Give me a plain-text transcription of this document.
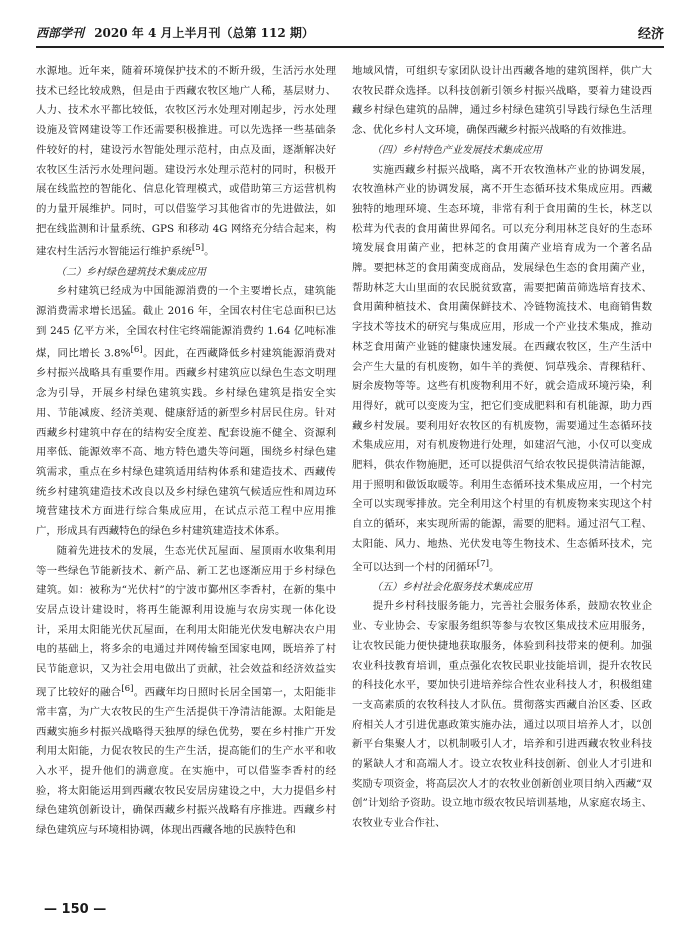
西部学刊 2020 年 4 月上半月刊（总第 112 期）	经济

水源地。近年来，随着环境保护技术的不断升级，生活污水处理技术已经比较成熟，但是由于西藏农牧区地广人稀，基层财力、人力、技术水平都比较低，农牧区污水处理对刚起步，污水处理设施及管网建设等工作还需要积极推进。可以先选择一些基础条件较好的村，建设污水智能处理示范村，由点及面，逐渐解决好农牧区生活污水处理问题。建设污水处理示范村的同时，积极开展在线监控的智能化、信息化管理模式，或借助第三方运营机构的力量开展维护。同时，可以借鉴学习其他省市的先进做法，如把在线监测和计量系统、GPS 和移动 4G 网络充分结合起来，构建农村生活污水智能运行维护系统[5]。

（二）乡村绿色建筑技术集成应用

乡村建筑已经成为中国能源消费的一个主要增长点，建筑能源消费需求增长迅猛。截止 2016 年，全国农村住宅总面积已达到 245 亿平方米，全国农村住宅终端能源消费约 1.64 亿吨标准煤，同比增长 3.8%[6]。因此，在西藏降低乡村建筑能源消费对乡村振兴战略具有重要作用。西藏乡村建筑应以绿色生态文明理念为引导，开展乡村绿色建筑实践。乡村绿色建筑是指安全实用、节能减废、经济美观、健康舒适的新型乡村居民住房。针对西藏乡村建筑中存在的结构安全度差、配套设施不健全、资源利用率低、能源效率不高、地方特色遗失等问题，围绕乡村绿色建筑需求，重点在乡村绿色建筑适用结构体系和建造技术、西藏传统乡村建筑建造技术改良以及乡村绿色建筑气候适应性和周边环境营建技术方面进行综合集成应用，在试点示范工程中应用推广，形成具有西藏特色的绿色乡村建筑建造技术体系。

随着先进技术的发展，生态光伏瓦屋面、屋顶雨水收集利用等一些绿色节能新技术、新产品、新工艺也逐渐应用于乡村绿色建筑。如：被称为“光伏村”的宁波市鄞州区李香村，在新的集中安居点设计建设时，将再生能源利用设施与农房实现一体化设计，采用太阳能光伏瓦屋面，在利用太阳能光伏发电解决农户用电的基础上，将多余的电通过并网传输至国家电网，既培养了村民节能意识，又为社会用电做出了贡献，社会效益和经济效益实现了比较好的融合[6]。西藏年均日照时长居全国第一，太阳能非常丰富，为广大农牧民的生产生活提供干净清洁能源。太阳能是西藏实施乡村振兴战略得天独厚的绿色优势，要在乡村推广开发利用太阳能，力促农牧民的生产生活，提高能们的生产水平和收入水平，提升他们的满意度。在实施中，可以借鉴李香村的经验，将太阳能运用到西藏农牧民安居房建设之中，大力提倡乡村绿色建筑创新设计，确保西藏乡村振兴战略有序推进。西藏乡村绿色建筑应与环境相协调，体现出西藏各地的民族特色和

地域风情，可组织专家团队设计出西藏各地的建筑图样，供广大农牧民群众选择。以科技创新引领乡村振兴战略，要着力建设西藏乡村绿色建筑的品牌，通过乡村绿色建筑引导践行绿色生活理念、优化乡村人文环境，确保西藏乡村振兴战略的有效推进。

（四）乡村特色产业发展技术集成应用

实施西藏乡村振兴战略，离不开农牧渔林产业的协调发展，农牧渔林产业的协调发展，离不开生态循环技术集成应用。西藏独特的地理环境、生态环境，非常有利于食用菌的生长，林芝以松茸为代表的食用菌世界闻名。可以充分利用林芝良好的生态环境发展食用菌产业，把林芝的食用菌产业培育成为一个著名品牌。要把林芝的食用菌变成商品，发展绿色生态的食用菌产业，帮助林芝大山里面的农民脱贫致富，需要把菌苗筛选培育技术、食用菌种植技术、食用菌保鲜技术、冷链物流技术、电商销售数字技术等技术的研究与集成应用，形成一个产业技术集成，推动林芝食用菌产业链的健康快速发展。在西藏农牧区，生产生活中会产生大量的有机废物，如牛羊的粪便、饲草残余、青稞秸秆、厨余废物等等。这些有机废物利用不好，就会造成环境污染，利用得好，就可以变废为宝，把它们变成肥料和有机能源，助力西藏乡村发展。要利用好农牧区的有机废物，需要通过生态循环技术集成应用，对有机废物进行处理，如建沼气池，小仅可以变成肥料，供农作物施肥，还可以提供沼气给农牧民提供清洁能源，用于照明和做饭取暖等。利用生态循环技术集成应用，一个村完全可以实现零排放。完全利用这个村里的有机废物来实现这个村自立的循环，来实现所需的能源，需要的肥料。通过沼气工程、太阳能、风力、地热、光伏发电等生物技术、生态循环技术，完全可以达到一个村的闭循环[7]。

（五）乡村社会化服务技术集成应用

提升乡村科技服务能力，完善社会服务体系，鼓励农牧业企业、专业协会、专家服务组织等参与农牧区集成技术应用服务，让农牧民能力便快捷地获取服务，体验到科技带来的便利。加强农业科技教育培训，重点强化农牧民职业技能培训，提升农牧民的科技化水平，要加快引进培养综合性农业科技人才，积极组建一支高素质的农牧科技人才队伍。贯彻落实西藏自治区委、区政府相关人才引进优惠政策实施办法，通过以项目培养人才，以创新平台集聚人才，以机制吸引人才，培养和引进西藏农牧业科技的紧缺人才和高端人才。设立农牧业科技创新、创业人才引进和奖励专项资金，将高层次人才的农牧业创新创业项目纳入西藏“双创”计划给予资助。设立地市级农牧民培训基地，从家庭农场主、农牧业专业合作社、

— 150 —
